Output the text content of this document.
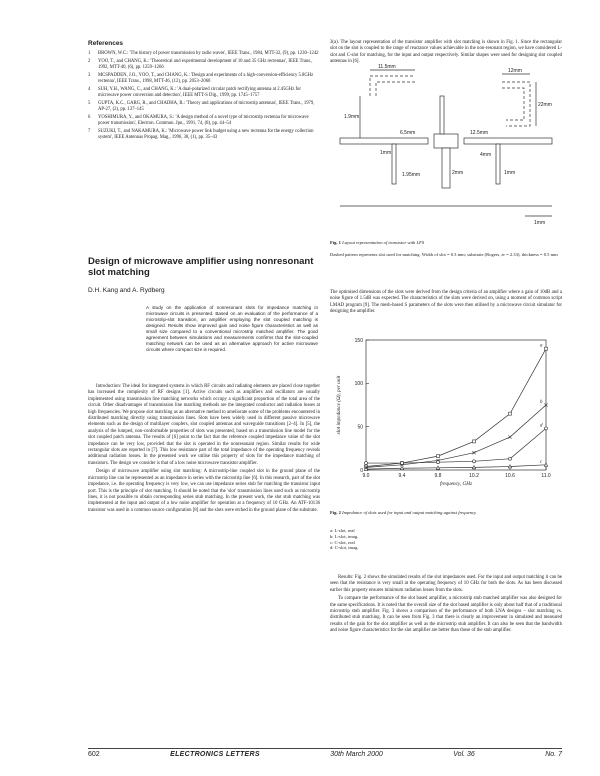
References
1	BROWN, W.C.: 'The history of power transmission by radio waves', IEEE Trans., 1984, MTT-32, (9), pp. 1230–1242
2	YOO, T., and CHANG, K.: 'Theoretical and experimental development of 10 and 35 GHz rectennas', IEEE Trans., 1992, MTT-40, (6), pp. 1259–1266
3	MCSPADDEN, J.O., YOO, T., and CHANG, K.: 'Design and experiments of a high-conversion-efficiency 5.8GHz rectenna', IEEE Trans., 1998, MTT-46, (12), pp. 2053–2060
4	SUH, Y.H., WANG, C., and CHANG, K.: 'A dual-polarized circular patch rectifying antenna at 2.45GHz for microwave power conversion and detection', IEEE MTT-S Dig., 1999, pp. 1745–1757
5	GUPTA, K.C., GARG, R., and CHADHA, R.: 'Theory and applications of microstrip antennas', IEEE Trans., 1979, AP-27, (2), pp. 137–145
6	YOSHIMURA, Y., and OKAMURA, S.: 'A design method of a novel type of microstrip rectenna for microwave power transmission', Electron. Commun. Jpn., 1991, 74, (8), pp. 44–54
7	SUZUKI, T., and NAKAMURA, K.: 'Microwave power link budget using a new rectenna for the energy collection system', IEEE Antennas Propag. Mag., 1996, 38, (1), pp. 35–43
Design of microwave amplifier using nonresonant slot matching
D.H. Kang and A. Rydberg
A study on the application of nonresonant slots for impedance matching in microwave circuits is presented. Based on an evaluation of the performance of a microstrip-slot transition, an amplifier employing the slot coupled matching is designed. Results show improved gain and noise figure characteristics as well as small size compared to a conventional microstrip matched amplifier. The good agreement between simulations and measurements confirms that the slot-coupled matching network can be used as an alternative approach for active microwave circuits where compact size is required.

Introduction: The ideal for integrated systems in which RF circuits and radiating elements are placed close together has increased the complexity of RF designs [1]. Active circuits such as amplifiers and oscillators are usually implemented using transmission line matching networks which occupy a significant proportion of the total area of the circuit. Other disadvantages of transmission line matching methods are the integrated conductor and radiation losses at high frequencies. We propose slot matching as an alternative method to ameliorate some of the problems encountered in distributed matching directly using transmission lines. Slots have been widely used in different passive microwave elements such as the design of multilayer couplers, slot coupled antennas and waveguide transitions [2–4]. In [5], the analysis of the lumped, non-conformable properties of slots was presented, based on a transmission line model for the slot coupled patch antenna. The results of [6] point to the fact that the reference coupled impedance value of the slot impedance can be very low, provided that the slot is operated in the nonresonant region. Similar results for wide rectangular slots are reported in [7]. This low resistance part of the total impedance of the operating frequency reveals additional radiation losses. In the presented work we utilise this property of slots for the impedance matching of transistors. The design we consider is that of a low noise microwave transistor amplifier.

Design of microwave amplifier using slot matching: A microstrip-line coupled slot in the ground plane of the microstrip line can be represented as an impedance in series with the microstrip line [6]. In this research, part of the slot impedance, i.e. the operating frequency is very low, we can use impedance series stub for matching the transistor input port. This is the principle of slot matching. It should be noted that the 'slot' transmission lines used such as microstrip lines, it is not possible to obtain corresponding series stub matching. In the present work, the slot stub matching was implemented at the input and output of a low noise amplifier for operation at a frequency of 10 GHz. An ATF-10136 transistor was used in a common source configuration [8] and the slots were etched in the ground plane of the substrate.

3(a). The layout representation of the transistor amplifier with slot matching is shown in Fig. 1. Since the rectangular slot on the slot is coupled to the range of reactance values achievable in the non-resonant region, we have considered L-slot and C-slot for matching, for the input and output respectively. Similar shapes were used for designing slot coupled antennas in [6].

11.5mm
12mm
22mm
1.9mm
6.5mm
1mm
12.5mm
4mm
1.95mm	2mm	1mm
1mm
Fig. 1 Layout representation of transistor with LFS
Dashed pattern represents slot used for matching. Width of slot = 0.3 mm; substrate (Rogers, εr = 2.33), thickness = 0.5 mm
The optimised dimensions of the slots were derived from the design criteria of an amplifier where a gain of 10dB and a noise figure of 1.5dB was expected. The characteristics of the slots were derived on, using a moment of common script LMAD program [9]. The mesh-based S parameters of the slots were then utilised by a microwave circuit simulator for designing the amplifier.
9.0	9.4	9.8	10.2	10.6	11.0
0
50
100
150
frequency, GHz
slot impedance (Ω), per unit
a
b
c
d
Fig. 2 Impedance of slots used for input and output matching against frequency
a: L-slot, real
b: L-slot, imag.
c: C-slot, real
d: C-slot, imag.

Results: Fig. 2 shows the simulated results of the slot impedances used. For the input and output matching it can be seen that the resistance is very small at the operating frequency of 10 GHz for both the slots. As has been discussed earlier this property ensures minimum radiation losses from the slots.

To compare the performance of the slot based amplifier, a microstrip stub matched amplifier was also designed for the same specifications. It is noted that the overall size of the slot based amplifier is only about half that of a traditional microstrip stub amplifier. Fig. 3 shows a comparison of the performance of both LNA designs – slot matching vs. distributed stub matching. It can be seen from Fig. 3 that there is clearly an improvement in simulated and measured results of the gain for the slot amplifier as well as the microstrip stub amplifier. It can also be seen that the bandwidth and noise figure characteristics for the slot amplifier are better than those of the stub amplifier.

602	ELECTRONICS LETTERS	30th March 2000	Vol. 36	No. 7
